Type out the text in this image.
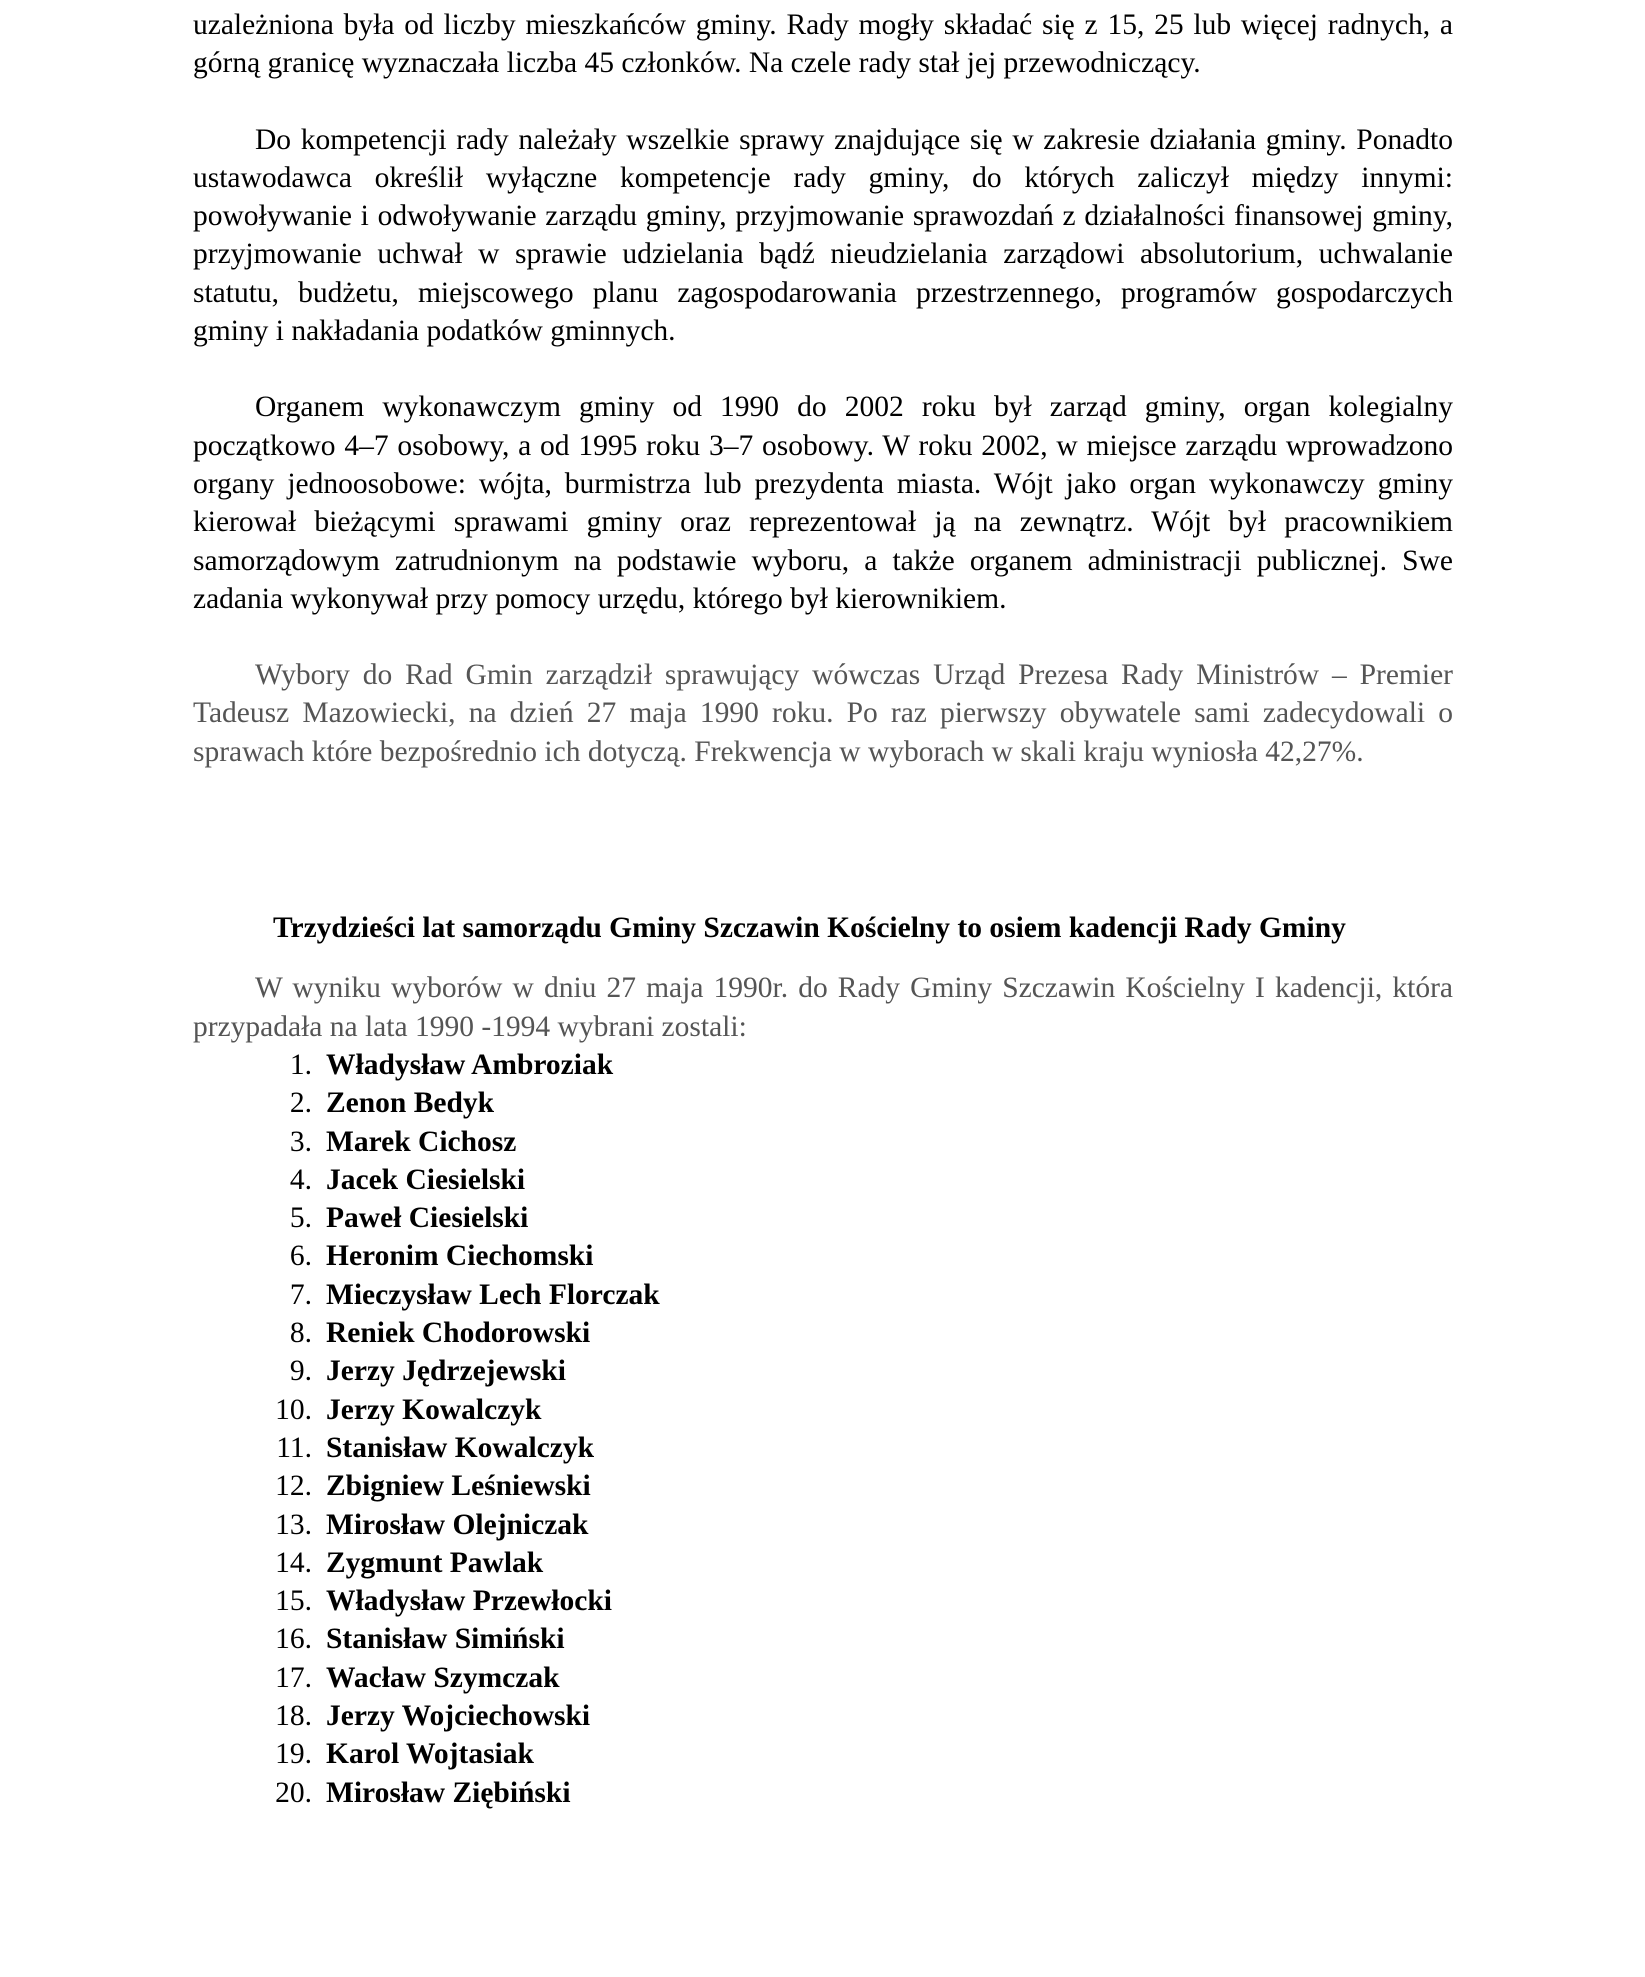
uzależniona była od liczby mieszkańców gminy. Rady mogły składać się z 15, 25 lub więcej radnych, a górną granicę wyznaczała liczba 45 członków. Na czele rady stał jej przewodniczący.

Do kompetencji rady należały wszelkie sprawy znajdujące się w zakresie działania gminy. Ponadto ustawodawca określił wyłączne kompetencje rady gminy, do których zaliczył między innymi: powoływanie i odwoływanie zarządu gminy, przyjmowanie sprawozdań z działalności finansowej gminy, przyjmowanie uchwał w sprawie udzielania bądź nieudzielania zarządowi absolutorium, uchwalanie statutu, budżetu, miejscowego planu zagospodarowania przestrzennego, programów gospodarczych gminy i nakładania podatków gminnych.

Organem wykonawczym gminy od 1990 do 2002 roku był zarząd gminy, organ kolegialny początkowo 4–7 osobowy, a od 1995 roku 3–7 osobowy. W roku 2002, w miejsce zarządu wprowadzono organy jednoosobowe: wójta, burmistrza lub prezydenta miasta. Wójt jako organ wykonawczy gminy kierował bieżącymi sprawami gminy oraz reprezentował ją na zewnątrz. Wójt był pracownikiem samorządowym zatrudnionym na podstawie wyboru, a także organem administracji publicznej. Swe zadania wykonywał przy pomocy urzędu, którego był kierownikiem.

Wybory do Rad Gmin zarządził sprawujący wówczas Urząd Prezesa Rady Ministrów – Premier Tadeusz Mazowiecki, na dzień 27 maja 1990 roku. Po raz pierwszy obywatele sami zadecydowali o sprawach które bezpośrednio ich dotyczą. Frekwencja w wyborach w skali kraju wyniosła 42,27%.

Trzydzieści lat samorządu Gminy Szczawin Kościelny to osiem kadencji Rady Gminy

W wyniku wyborów w dniu 27 maja 1990r. do Rady Gminy Szczawin Kościelny I kadencji, która przypadała na lata 1990 -1994 wybrani zostali:

1. Władysław Ambroziak
2. Zenon Bedyk
3. Marek Cichosz
4. Jacek Ciesielski
5. Paweł Ciesielski
6. Heronim Ciechomski
7. Mieczysław Lech Florczak
8. Reniek Chodorowski
9. Jerzy Jędrzejewski
10. Jerzy Kowalczyk
11. Stanisław Kowalczyk
12. Zbigniew Leśniewski
13. Mirosław Olejniczak
14. Zygmunt Pawlak
15. Władysław Przewłocki
16. Stanisław Simiński
17. Wacław Szymczak
18. Jerzy Wojciechowski
19. Karol Wojtasiak
20. Mirosław Ziębiński
